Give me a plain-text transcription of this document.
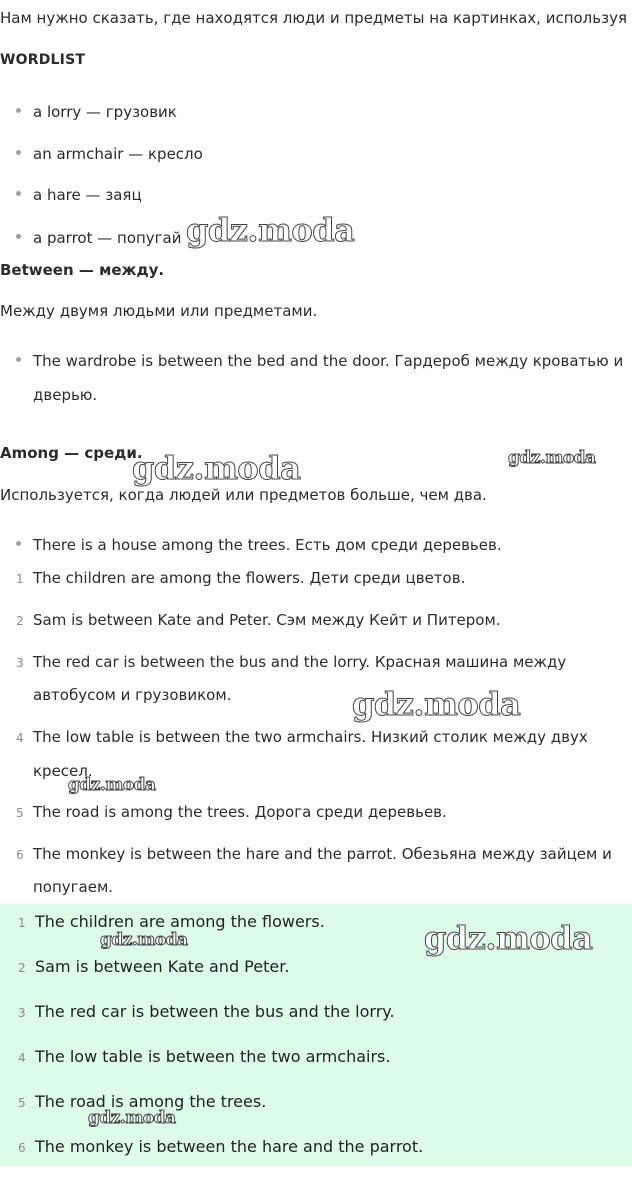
Нам нужно сказать, где находятся люди и предметы на картинках, используя
WORDLIST
a lorry — грузовик
an armchair — кресло
a hare — заяц
a parrot — попугай
Between — между.
Между двумя людьми или предметами.
The wardrobe is between the bed and the door. Гардероб между кроватью и
дверью.
Among — среди.
Используется, когда людей или предметов больше, чем два.
There is a house among the trees. Есть дом среди деревьев.
1 The children are among the flowers. Дети среди цветов.
2 Sam is between Kate and Peter. Сэм между Кейт и Питером.
3 The red car is between the bus and the lorry. Красная машина между
автобусом и грузовиком.
4 The low table is between the two armchairs. Низкий столик между двух
кресел.
5 The road is among the trees. Дорога среди деревьев.
6 The monkey is between the hare and the parrot. Обезьяна между зайцем и
попугаем.
1 The children are among the flowers.
2 Sam is between Kate and Peter.
3 The red car is between the bus and the lorry.
4 The low table is between the two armchairs.
5 The road is among the trees.
6 The monkey is between the hare and the parrot.
gdz.moda
gdz.moda	gdz.moda
gdz.moda
gdz.moda
gdz.moda	gdz.moda
gdz.moda
